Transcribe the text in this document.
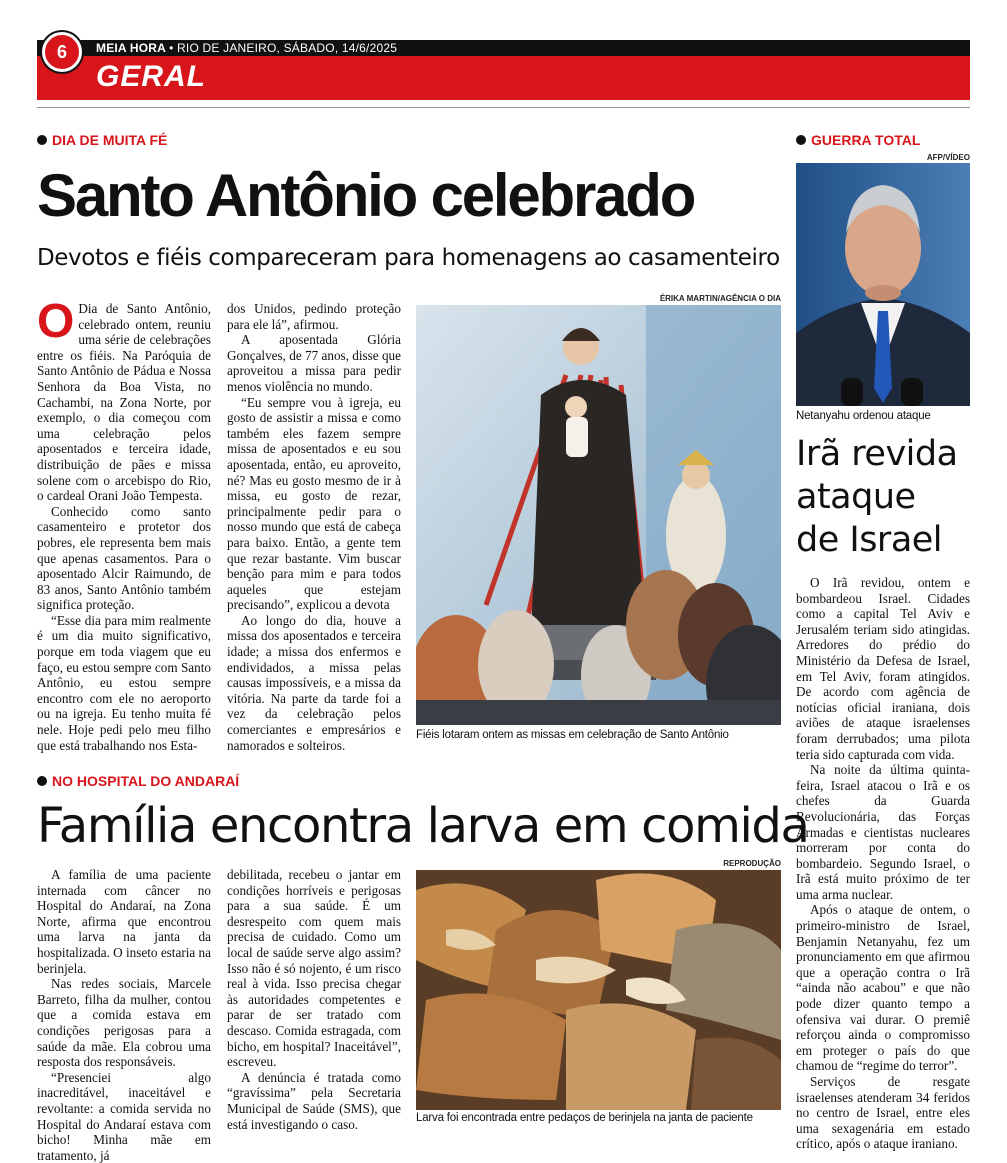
6	MEIA HORA • RIO DE JANEIRO, SÁBADO, 14/6/2025
GERAL
DIA DE MUITA FÉ
Santo Antônio celebrado
Devotos e fiéis compareceram para homenagens ao casamenteiro

O Dia de Santo Antônio, celebrado ontem, reuniu uma série de celebrações entre os fiéis. Na Paróquia de Santo Antônio de Pádua e Nossa Senhora da Boa Vista, no Cachambi, na Zona Norte, por exemplo, o dia começou com uma celebração pelos aposentados e terceira idade, distribuição de pães e missa solene com o arcebispo do Rio, o cardeal Orani João Tempesta.

Conhecido como santo casamenteiro e protetor dos pobres, ele representa bem mais que apenas casamentos. Para o aposentado Alcir Raimundo, de 83 anos, Santo Antônio também significa proteção.

“Esse dia para mim realmente é um dia muito significativo, porque em toda viagem que eu faço, eu estou sempre com Santo Antônio, eu estou sempre encontro com ele no aeroporto ou na igreja. Eu tenho muita fé nele. Hoje pedi pelo meu filho que está trabalhando nos Esta-

dos Unidos, pedindo proteção para ele lá”, afirmou.

A aposentada Glória Gonçalves, de 77 anos, disse que aproveitou a missa para pedir menos violência no mundo.

“Eu sempre vou à igreja, eu gosto de assistir a missa e como também eles fazem sempre missa de aposentados e eu sou aposentada, então, eu aproveito, né? Mas eu gosto mesmo de ir à missa, eu gosto de rezar, principalmente pedir para o nosso mundo que está de cabeça para baixo. Então, a gente tem que rezar bastante. Vim buscar benção para mim e para todos aqueles que estejam precisando”, explicou a devota

Ao longo do dia, houve a missa dos aposentados e terceira idade; a missa dos enfermos e endividados, a missa pelas causas impossíveis, e a missa da vitória. Na parte da tarde foi a vez da celebração pelos comerciantes e empresários e namorados e solteiros.

ÉRIKA MARTIN/AGÊNCIA O DIA
Fiéis lotaram ontem as missas em celebração de Santo Antônio
NO HOSPITAL DO ANDARAÍ
Família encontra larva em comida

A família de uma paciente internada com câncer no Hospital do Andaraí, na Zona Norte, afirma que encontrou uma larva na janta da hospitalizada. O inseto estaria na berinjela.

Nas redes sociais, Marcele Barreto, filha da mulher, contou que a comida estava em condições perigosas para a saúde da mãe. Ela cobrou uma resposta dos responsáveis.

“Presenciei algo inacreditável, inaceitável e revoltante: a comida servida no Hospital do Andaraí estava com bicho! Minha mãe em tratamento, já

debilitada, recebeu o jantar em condições horríveis e perigosas para a sua saúde. É um desrespeito com quem mais precisa de cuidado. Como um local de saúde serve algo assim? Isso não é só nojento, é um risco real à vida. Isso precisa chegar às autoridades competentes e parar de ser tratado com descaso. Comida estragada, com bicho, em hospital? Inaceitável”, escreveu.

A denúncia é tratada como “gravíssima” pela Secretaria Municipal de Saúde (SMS), que está investigando o caso.

REPRODUÇÃO
Larva foi encontrada entre pedaços de berinjela na janta de paciente
GUERRA TOTAL
AFP/VÍDEO
Netanyahu ordenou ataque
Irã revida
ataque
de Israel

O Irã revidou, ontem e bombardeou Israel. Cidades como a capital Tel Aviv e Jerusalém teriam sido atingidas. Arredores do prédio do Ministério da Defesa de Israel, em Tel Aviv, foram atingidos. De acordo com agência de notícias oficial iraniana, dois aviões de ataque israelenses foram derrubados; uma pilota teria sido capturada com vida.

Na noite da última quinta-feira, Israel atacou o Irã e os chefes da Guarda Revolucionária, das Forças Armadas e cientistas nucleares morreram por conta do bombardeio. Segundo Israel, o Irã está muito próximo de ter uma arma nuclear.

Após o ataque de ontem, o primeiro-ministro de Israel, Benjamin Netanyahu, fez um pronunciamento em que afirmou que a operação contra o Irã “ainda não acabou” e que não pode dizer quanto tempo a ofensiva vai durar. O premiê reforçou ainda o compromisso em proteger o país do que chamou de “regime do terror”.

Serviços de resgate israelenses atenderam 34 feridos no centro de Israel, entre eles uma sexagenária em estado crítico, após o ataque iraniano.
